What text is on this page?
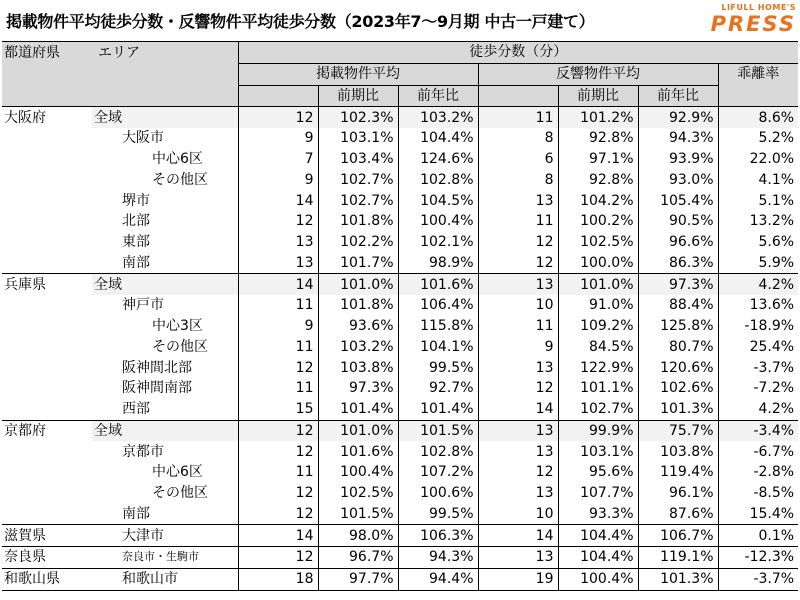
掲載物件平均徒歩分数・反響物件平均徒歩分数（2023年7～9月期 中古一戸建て）
LIFULL HOME'S
PRESS
都道府県	エリア	徒歩分数（分）						
		掲載物件平均			反響物件平均			乖離率
			前期比	前年比		前期比	前年比	
大阪府	全域	12	102.3%	103.2%	11	101.2%	92.9%	8.6%
	大阪市	9	103.1%	104.4%	8	92.8%	94.3%	5.2%
	中心6区	7	103.4%	124.6%	6	97.1%	93.9%	22.0%
	その他区	9	102.7%	102.8%	8	92.8%	93.0%	4.1%
	堺市	14	102.7%	104.5%	13	104.2%	105.4%	5.1%
	北部	12	101.8%	100.4%	11	100.2%	90.5%	13.2%
	東部	13	102.2%	102.1%	12	102.5%	96.6%	5.6%
	南部	13	101.7%	98.9%	12	100.0%	86.3%	5.9%
兵庫県	全域	14	101.0%	101.6%	13	101.0%	97.3%	4.2%
	神戸市	11	101.8%	106.4%	10	91.0%	88.4%	13.6%
	中心3区	9	93.6%	115.8%	11	109.2%	125.8%	-18.9%
	その他区	11	103.2%	104.1%	9	84.5%	80.7%	25.4%
	阪神間北部	12	103.8%	99.5%	13	122.9%	120.6%	-3.7%
	阪神間南部	11	97.3%	92.7%	12	101.1%	102.6%	-7.2%
	西部	15	101.4%	101.4%	14	102.7%	101.3%	4.2%
京都府	全域	12	101.0%	101.5%	13	99.9%	75.7%	-3.4%
	京都市	12	101.6%	102.8%	13	103.1%	103.8%	-6.7%
	中心6区	11	100.4%	107.2%	12	95.6%	119.4%	-2.8%
	その他区	12	102.5%	100.6%	13	107.7%	96.1%	-8.5%
	南部	12	101.5%	99.5%	10	93.3%	87.6%	15.4%
滋賀県	大津市	14	98.0%	106.3%	14	104.4%	106.7%	0.1%
奈良県	奈良市・生駒市	12	96.7%	94.3%	13	104.4%	119.1%	-12.3%
和歌山県	和歌山市	18	97.7%	94.4%	19	100.4%	101.3%	-3.7%
